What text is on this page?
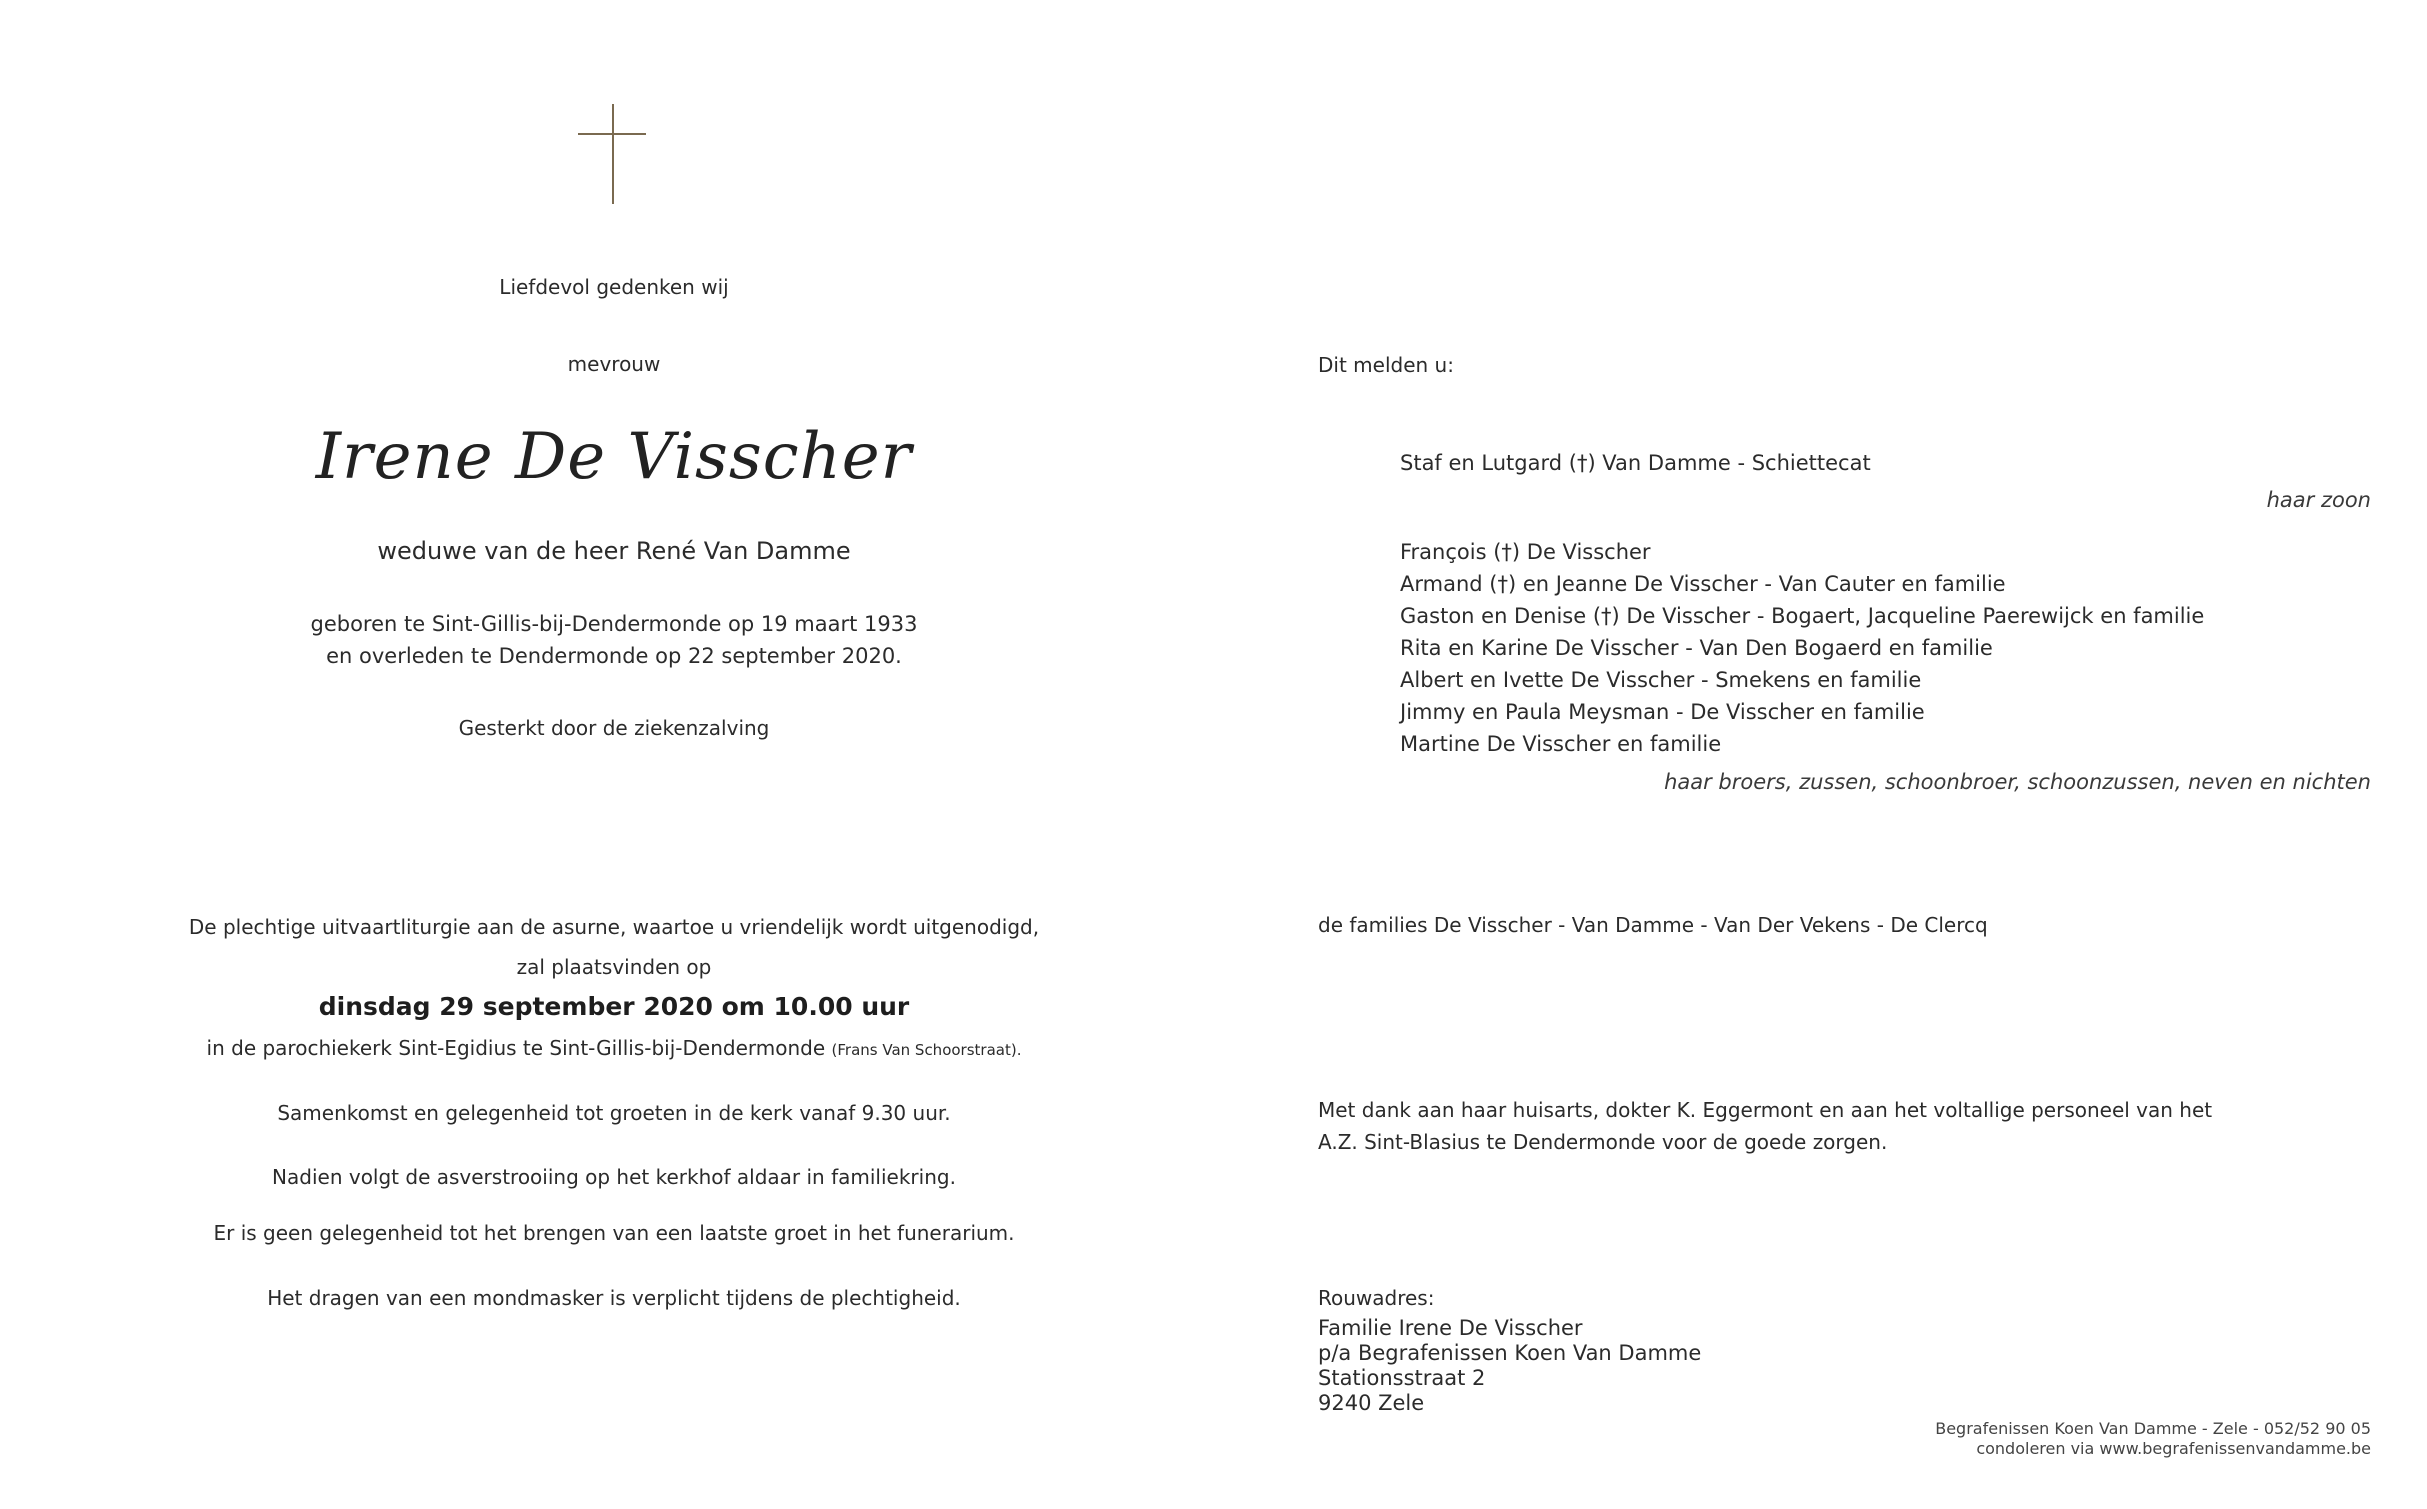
Liefdevol gedenken wij
mevrouw
Irene De Visscher
weduwe van de heer René Van Damme
geboren te Sint-Gillis-bij-Dendermonde op 19 maart 1933
en overleden te Dendermonde op 22 september 2020.
Gesterkt door de ziekenzalving
De plechtige uitvaartliturgie aan de asurne, waartoe u vriendelijk wordt uitgenodigd,
zal plaatsvinden op
dinsdag 29 september 2020 om 10.00 uur
in de parochiekerk Sint-Egidius te Sint-Gillis-bij-Dendermonde (Frans Van Schoorstraat).
Samenkomst en gelegenheid tot groeten in de kerk vanaf 9.30 uur.
Nadien volgt de asverstrooiing op het kerkhof aldaar in familiekring.
Er is geen gelegenheid tot het brengen van een laatste groet in het funerarium.
Het dragen van een mondmasker is verplicht tijdens de plechtigheid.
Dit melden u:
Staf en Lutgard (†) Van Damme - Schiettecat
haar zoon
François (†) De Visscher
Armand (†) en Jeanne De Visscher - Van Cauter en familie
Gaston en Denise (†) De Visscher - Bogaert, Jacqueline Paerewijck en familie
Rita en Karine De Visscher - Van Den Bogaerd en familie
Albert en Ivette De Visscher - Smekens en familie
Jimmy en Paula Meysman - De Visscher en familie
Martine De Visscher en familie
haar broers, zussen, schoonbroer, schoonzussen, neven en nichten
de families De Visscher - Van Damme - Van Der Vekens - De Clercq
Met dank aan haar huisarts, dokter K. Eggermont en aan het voltallige personeel van het
A.Z. Sint-Blasius te Dendermonde voor de goede zorgen.
Rouwadres:
Familie Irene De Visscher
p/a Begrafenissen Koen Van Damme
Stationsstraat 2
9240 Zele
Begrafenissen Koen Van Damme - Zele - 052/52 90 05
condoleren via www.begrafenissenvandamme.be
